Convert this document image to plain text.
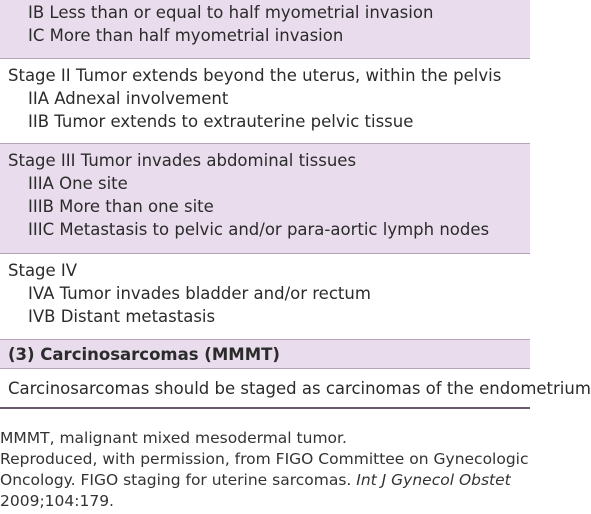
IB Less than or equal to half myometrial invasion
IC More than half myometrial invasion
Stage II Tumor extends beyond the uterus, within the pelvis
IIA Adnexal involvement
IIB Tumor extends to extrauterine pelvic tissue
Stage III Tumor invades abdominal tissues
IIIA One site
IIIB More than one site
IIIC Metastasis to pelvic and/or para-aortic lymph nodes
Stage IV
IVA Tumor invades bladder and/or rectum
IVB Distant metastasis
(3) Carcinosarcomas (MMMT)
Carcinosarcomas should be staged as carcinomas of the endometrium
MMMT, malignant mixed mesodermal tumor.
Reproduced, with permission, from FIGO Committee on Gynecologic
Oncology. FIGO staging for uterine sarcomas. Int J Gynecol Obstet
2009;104:179.
